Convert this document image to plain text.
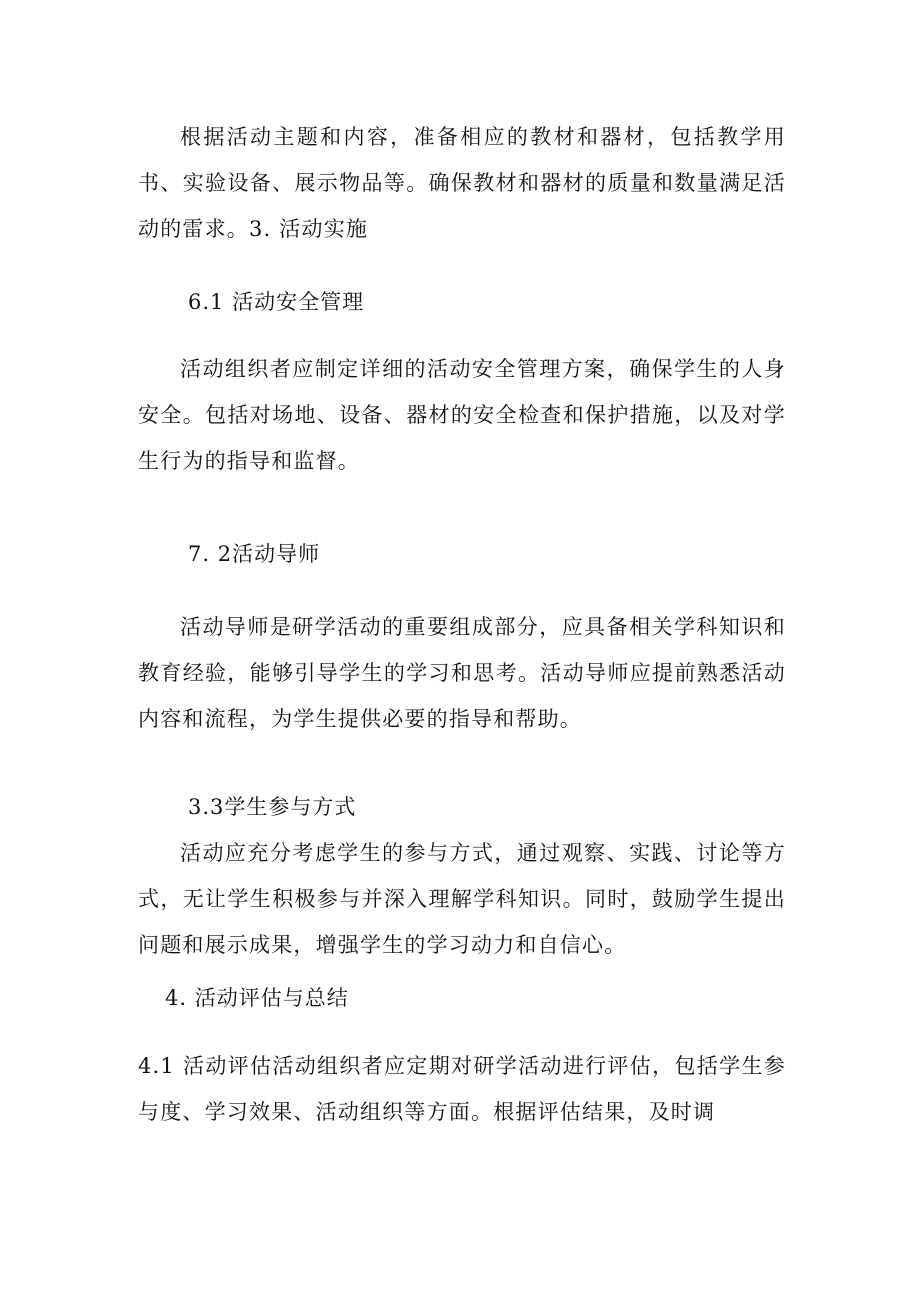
根据活动主题和内容，准备相应的教材和器材，包括教学用书、实验设备、展示物品等。确保教材和器材的质量和数量满足活动的雷求。3. 活动实施

6.1 活动安全管理

活动组织者应制定详细的活动安全管理方案，确保学生的人身安全。包括对场地、设备、器材的安全检查和保护措施，以及对学生行为的指导和监督。

7. 2活动导师

活动导师是研学活动的重要组成部分，应具备相关学科知识和教育经验，能够引导学生的学习和思考。活动导师应提前熟悉活动内容和流程，为学生提供必要的指导和帮助。

3.3学生参与方式

活动应充分考虑学生的参与方式，通过观察、实践、讨论等方式，无让学生积极参与并深入理解学科知识。同时，鼓励学生提出问题和展示成果，增强学生的学习动力和自信心。

4. 活动评估与总结

4.1 活动评估活动组织者应定期对研学活动进行评估，包括学生参与度、学习效果、活动组织等方面。根据评估结果，及时调
